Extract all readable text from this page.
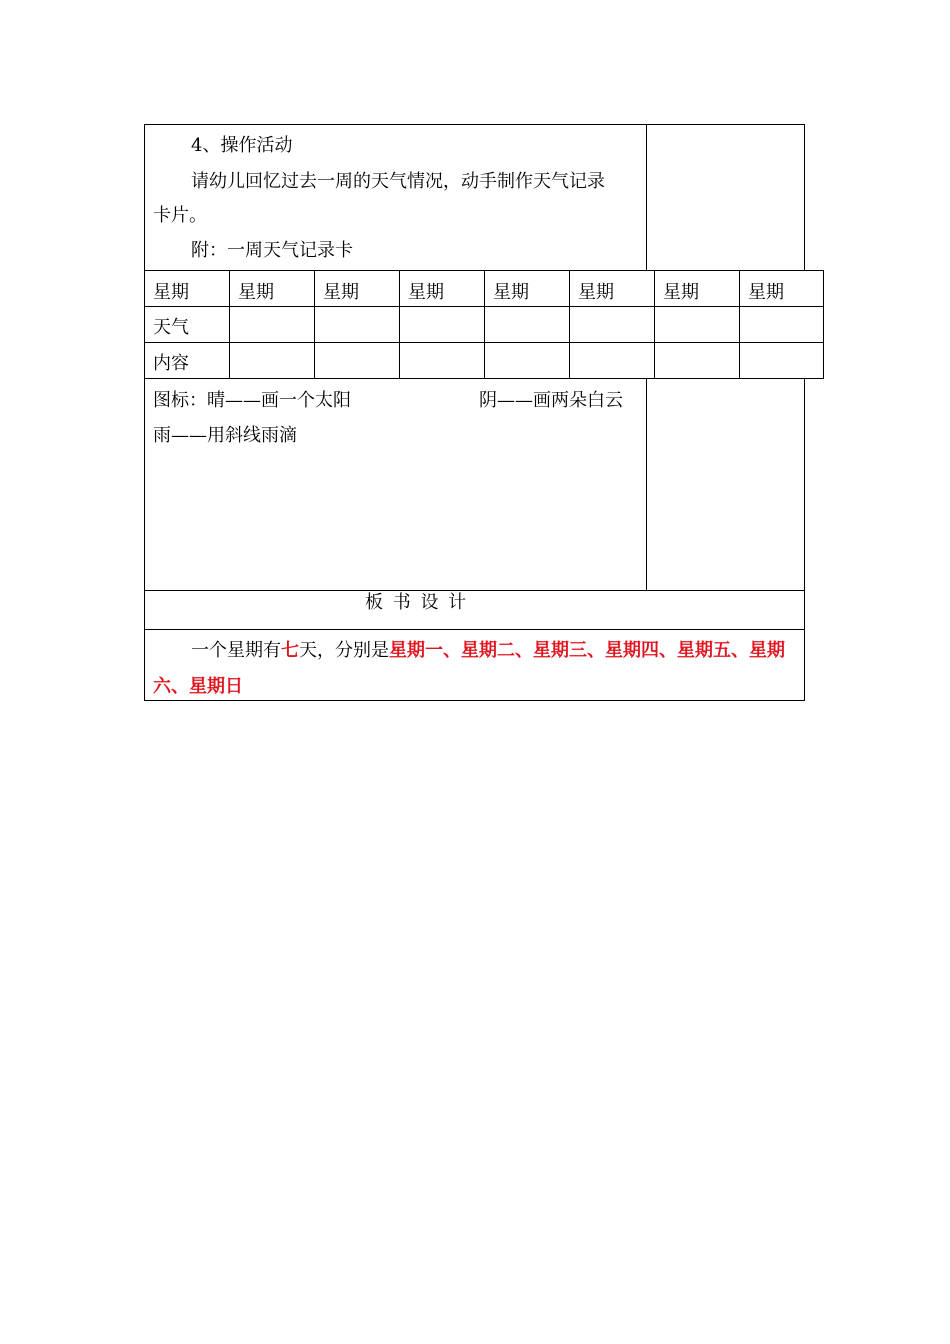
4、操作活动
请幼儿回忆过去一周的天气情况，动手制作天气记录
卡片。
附：一周天气记录卡
星期	星期	星期	星期	星期	星期	星期	星期
天气
内容
图标：晴——画一个太阳	阴——画两朵白云
雨——用斜线雨滴
板 书 设 计
一个星期有七天，分别是星期一、星期二、星期三、星期四、星期五、星期
六、星期日
